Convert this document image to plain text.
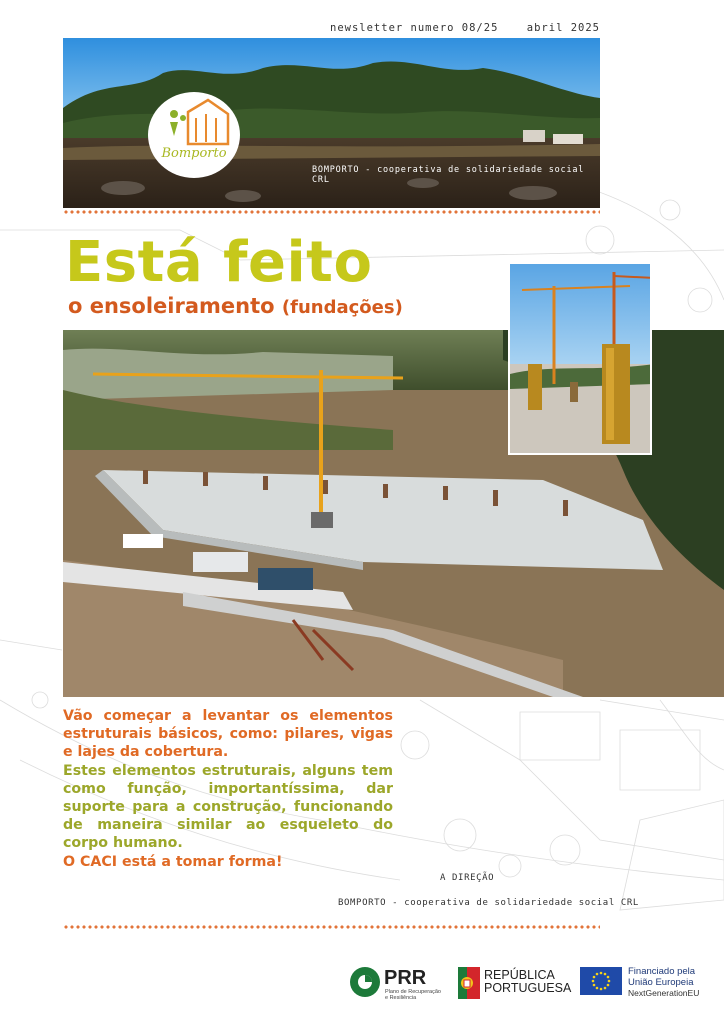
newsletter numero 08/25	abril 2025
BOMPORTO - cooperativa de solidariedade social CRL
Bomporto
Está feito
o ensoleiramento (fundações)

Vão começar a levantar os elementos estruturais básicos, como: pilares, vigas e lajes da cobertura.

Estes elementos estruturais, alguns tem como função, importantíssima, dar suporte para a construção, funcionando de maneira similar ao esqueleto do corpo humano.

O CACI está a tomar forma!

A DIREÇÃO
BOMPORTO - cooperativa de solidariedade social CRL
PRR
Plano de Recuperação e Resiliência
REPÚBLICA
PORTUGUESA
Financiado pela
União Europeia
NextGenerationEU
